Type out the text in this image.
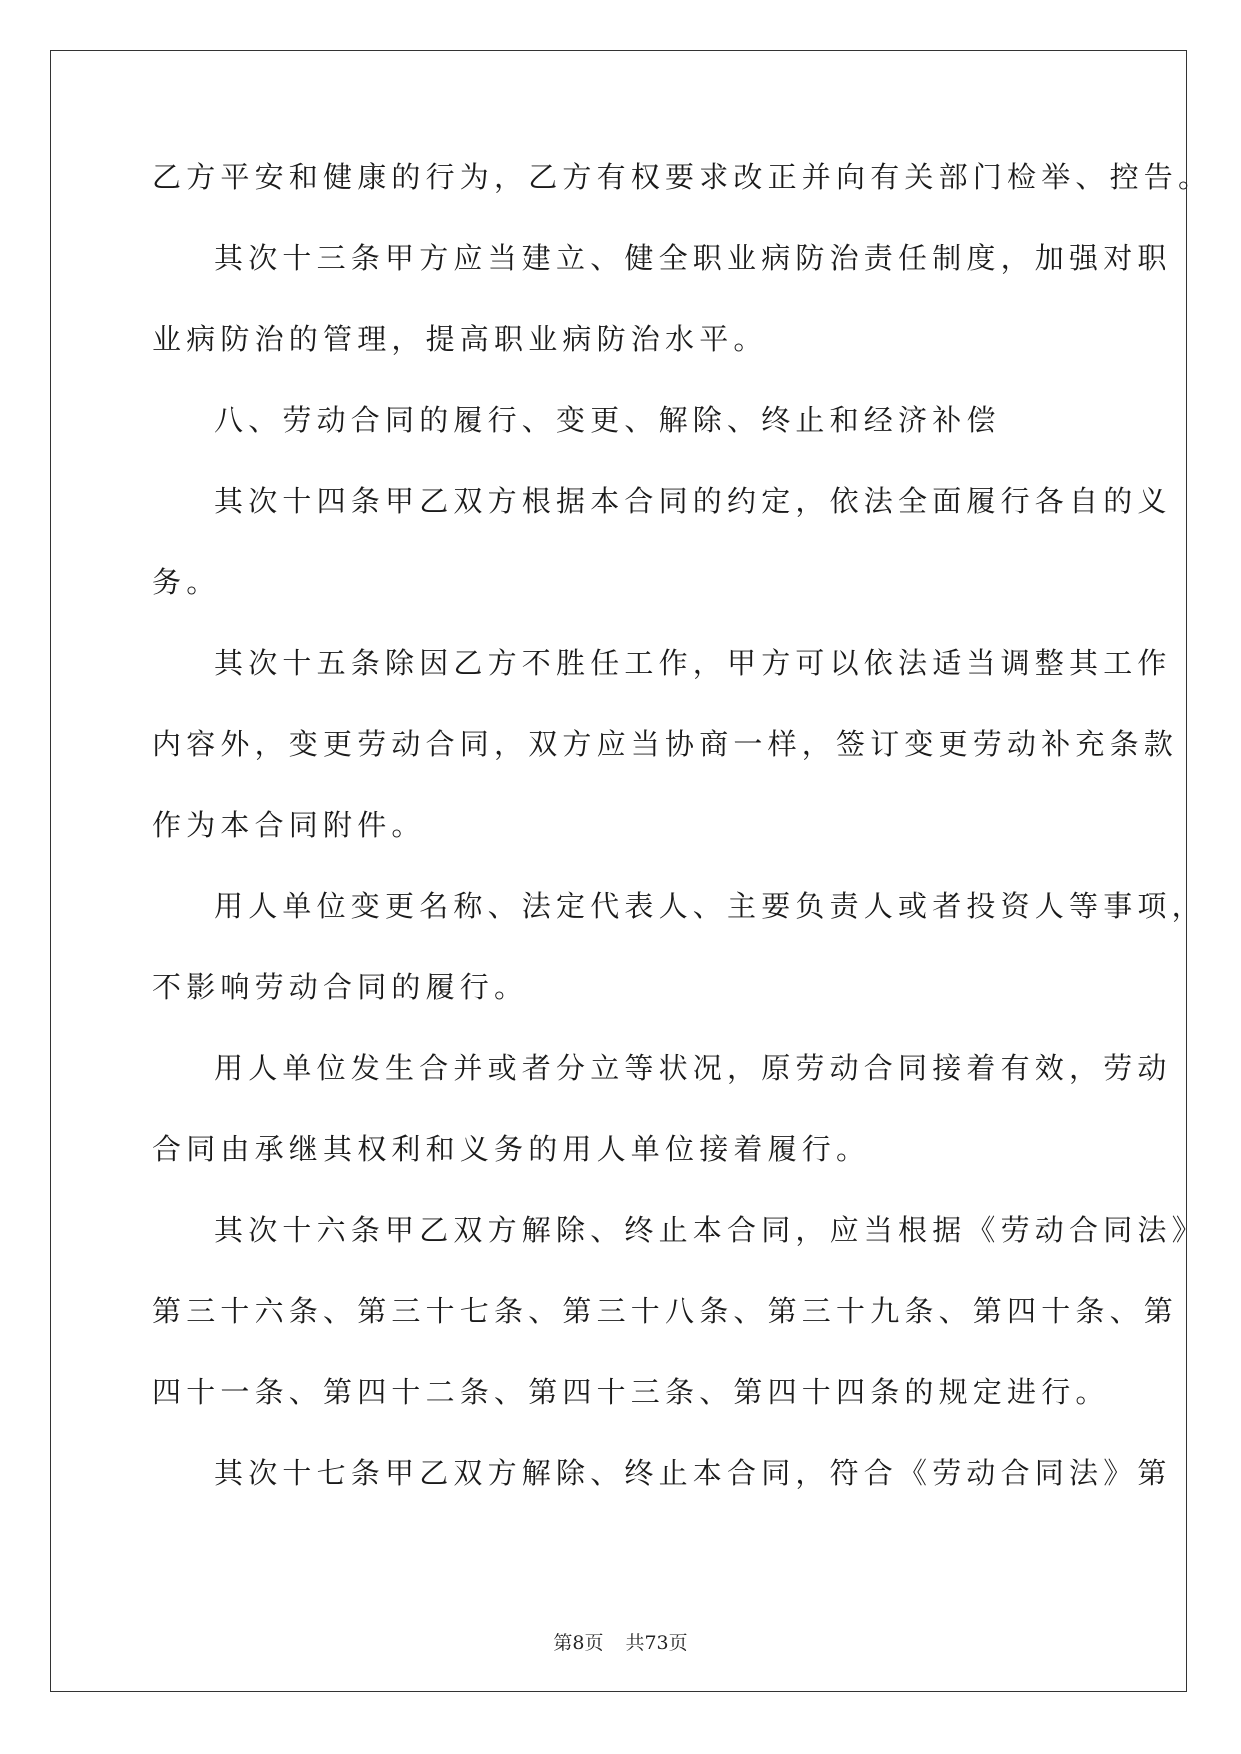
乙方平安和健康的行为，乙方有权要求改正并向有关部门检举、控告。
其次十三条甲方应当建立、健全职业病防治责任制度，加强对职
业病防治的管理，提高职业病防治水平。
八、劳动合同的履行、变更、解除、终止和经济补偿
其次十四条甲乙双方根据本合同的约定，依法全面履行各自的义
务。
其次十五条除因乙方不胜任工作，甲方可以依法适当调整其工作
内容外，变更劳动合同，双方应当协商一样，签订变更劳动补充条款
作为本合同附件。
用人单位变更名称、法定代表人、主要负责人或者投资人等事项，
不影响劳动合同的履行。
用人单位发生合并或者分立等状况，原劳动合同接着有效，劳动
合同由承继其权利和义务的用人单位接着履行。
其次十六条甲乙双方解除、终止本合同，应当根据《劳动合同法》
第三十六条、第三十七条、第三十八条、第三十九条、第四十条、第
四十一条、第四十二条、第四十三条、第四十四条的规定进行。
其次十七条甲乙双方解除、终止本合同，符合《劳动合同法》第
第8页 共73页
